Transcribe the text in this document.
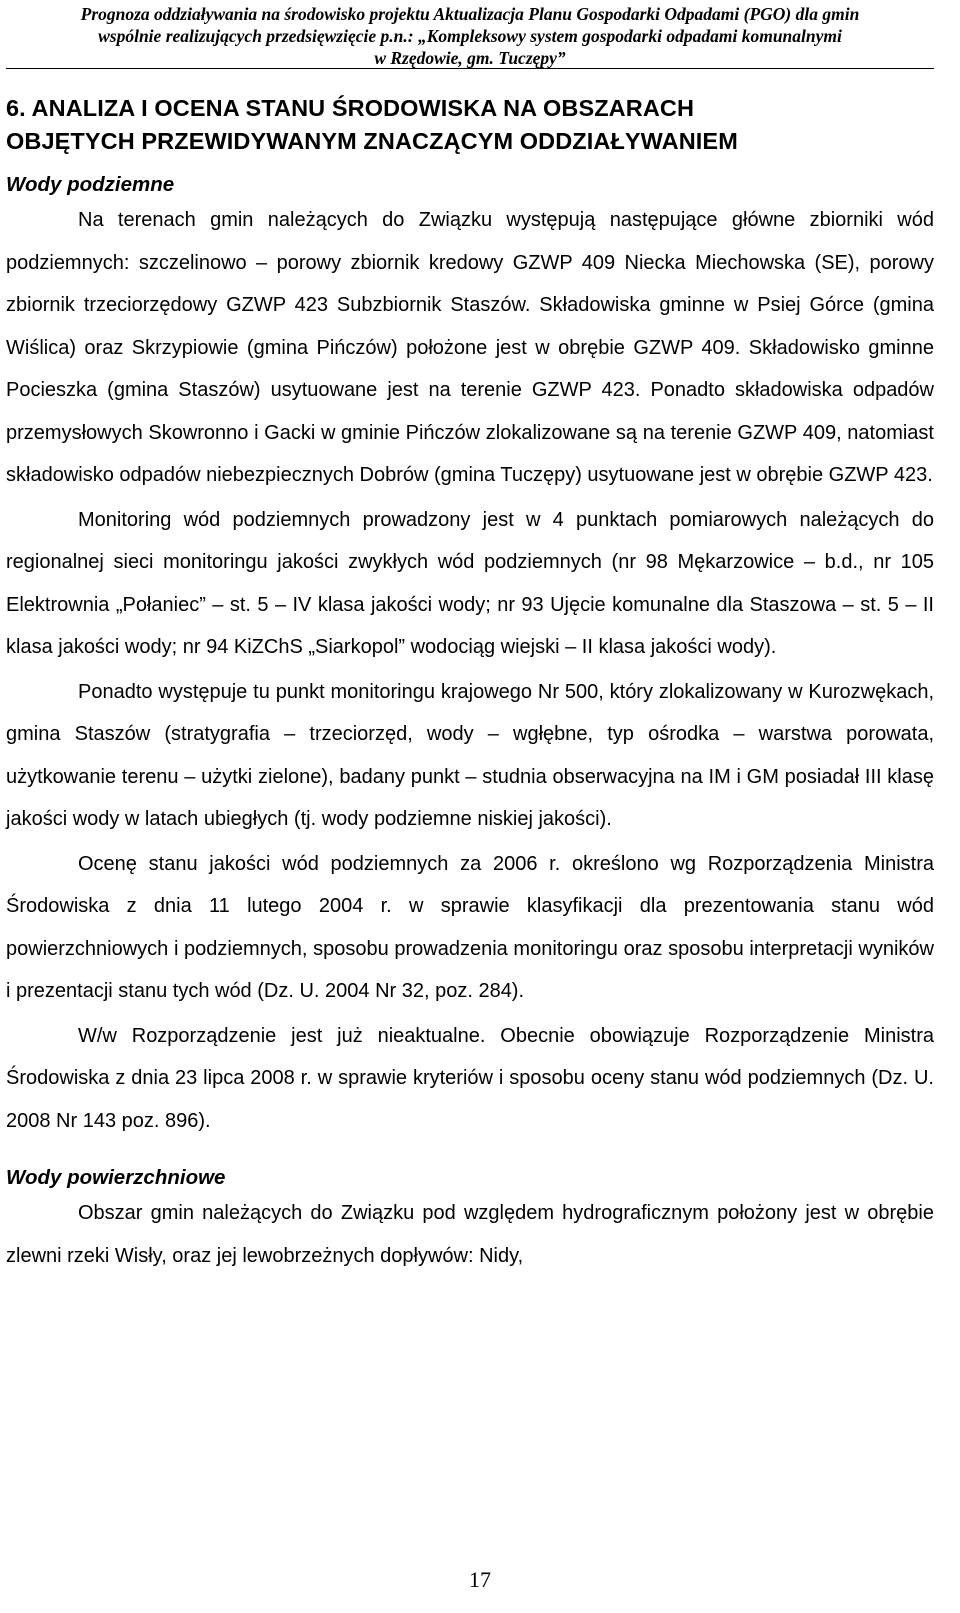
Prognoza oddziaływania na środowisko projektu Aktualizacja Planu Gospodarki Odpadami (PGO) dla gmin
wspólnie realizujących przedsięwzięcie p.n.: „Kompleksowy system gospodarki odpadami komunalnymi
w Rzędowie, gm. Tuczępy”
6. ANALIZA I OCENA STANU ŚRODOWISKA NA OBSZARACH
OBJĘTYCH PRZEWIDYWANYM ZNACZĄCYM ODDZIAŁYWANIEM
Wody podziemne

Na terenach gmin należących do Związku występują następujące główne zbiorniki wód podziemnych: szczelinowo – porowy zbiornik kredowy GZWP 409 Niecka Miechowska (SE), porowy zbiornik trzeciorzędowy GZWP 423 Subzbiornik Staszów. Składowiska gminne w Psiej Górce (gmina Wiślica) oraz Skrzypiowie (gmina Pińczów) położone jest w obrębie GZWP 409. Składowisko gminne Pocieszka (gmina Staszów) usytuowane jest na terenie GZWP 423. Ponadto składowiska odpadów przemysłowych Skowronno i Gacki w gminie Pińczów zlokalizowane są na terenie GZWP 409, natomiast składowisko odpadów niebezpiecznych Dobrów (gmina Tuczępy) usytuowane jest w obrębie GZWP 423.

Monitoring wód podziemnych prowadzony jest w 4 punktach pomiarowych należących do regionalnej sieci monitoringu jakości zwykłych wód podziemnych (nr 98 Mękarzowice – b.d., nr 105 Elektrownia „Połaniec” – st. 5 – IV klasa jakości wody; nr 93 Ujęcie komunalne dla Staszowa – st. 5 – II klasa jakości wody; nr 94 KiZChS „Siarkopol” wodociąg wiejski – II klasa jakości wody).

Ponadto występuje tu punkt monitoringu krajowego Nr 500, który zlokalizowany w Kurozwękach, gmina Staszów (stratygrafia – trzeciorzęd, wody – wgłębne, typ ośrodka – warstwa porowata, użytkowanie terenu – użytki zielone), badany punkt – studnia obserwacyjna na IM i GM posiadał III klasę jakości wody w latach ubiegłych (tj. wody podziemne niskiej jakości).

Ocenę stanu jakości wód podziemnych za 2006 r. określono wg Rozporządzenia Ministra Środowiska z dnia 11 lutego 2004 r. w sprawie klasyfikacji dla prezentowania stanu wód powierzchniowych i podziemnych, sposobu prowadzenia monitoringu oraz sposobu interpretacji wyników i prezentacji stanu tych wód (Dz. U. 2004 Nr 32, poz. 284).

W/w Rozporządzenie jest już nieaktualne. Obecnie obowiązuje Rozporządzenie Ministra Środowiska z dnia 23 lipca 2008 r. w sprawie kryteriów i sposobu oceny stanu wód podziemnych (Dz. U. 2008 Nr 143 poz. 896).

Wody powierzchniowe

Obszar gmin należących do Związku pod względem hydrograficznym położony jest w obrębie zlewni rzeki Wisły, oraz jej lewobrzeżnych dopływów: Nidy,

17
